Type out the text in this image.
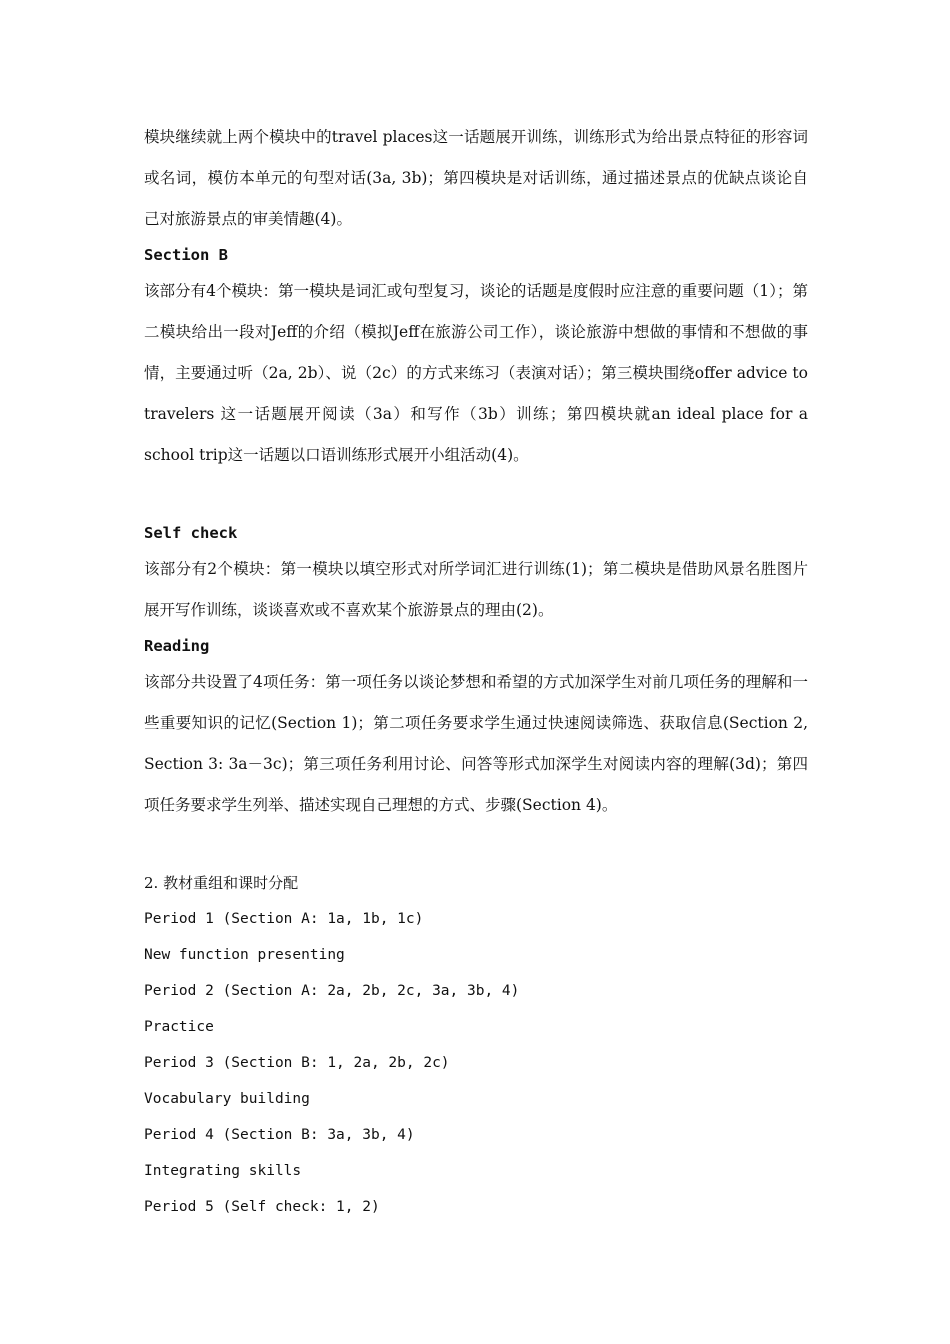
模块继续就上两个模块中的travel places这一话题展开训练，训练形式为给出景点特征的形容词或名词，模仿本单元的句型对话(3a, 3b)；第四模块是对话训练，通过描述景点的优缺点谈论自己对旅游景点的审美情趣(4)。

Section B

该部分有4个模块：第一模块是词汇或句型复习，谈论的话题是度假时应注意的重要问题（1）；第二模块给出一段对Jeff的介绍（模拟Jeff在旅游公司工作），谈论旅游中想做的事情和不想做的事情，主要通过听（2a, 2b）、说（2c）的方式来练习（表演对话）；第三模块围绕offer advice to travelers 这一话题展开阅读（3a）和写作（3b）训练；第四模块就an ideal place for a school trip这一话题以口语训练形式展开小组活动(4)。

Self check

该部分有2个模块：第一模块以填空形式对所学词汇进行训练(1)；第二模块是借助风景名胜图片展开写作训练，谈谈喜欢或不喜欢某个旅游景点的理由(2)。

Reading

该部分共设置了4项任务：第一项任务以谈论梦想和希望的方式加深学生对前几项任务的理解和一些重要知识的记忆(Section 1)；第二项任务要求学生通过快速阅读筛选、获取信息(Section 2, Section 3: 3a－3c)；第三项任务利用讨论、问答等形式加深学生对阅读内容的理解(3d)；第四项任务要求学生列举、描述实现自己理想的方式、步骤(Section 4)。

2. 教材重组和课时分配

Period 1 (Section A: 1a, 1b, 1c)

New function presenting

Period 2 (Section A: 2a, 2b, 2c, 3a, 3b, 4)

Practice

Period 3 (Section B: 1, 2a, 2b, 2c)

Vocabulary building

Period 4 (Section B: 3a, 3b, 4)

Integrating skills

Period 5 (Self check: 1, 2)
